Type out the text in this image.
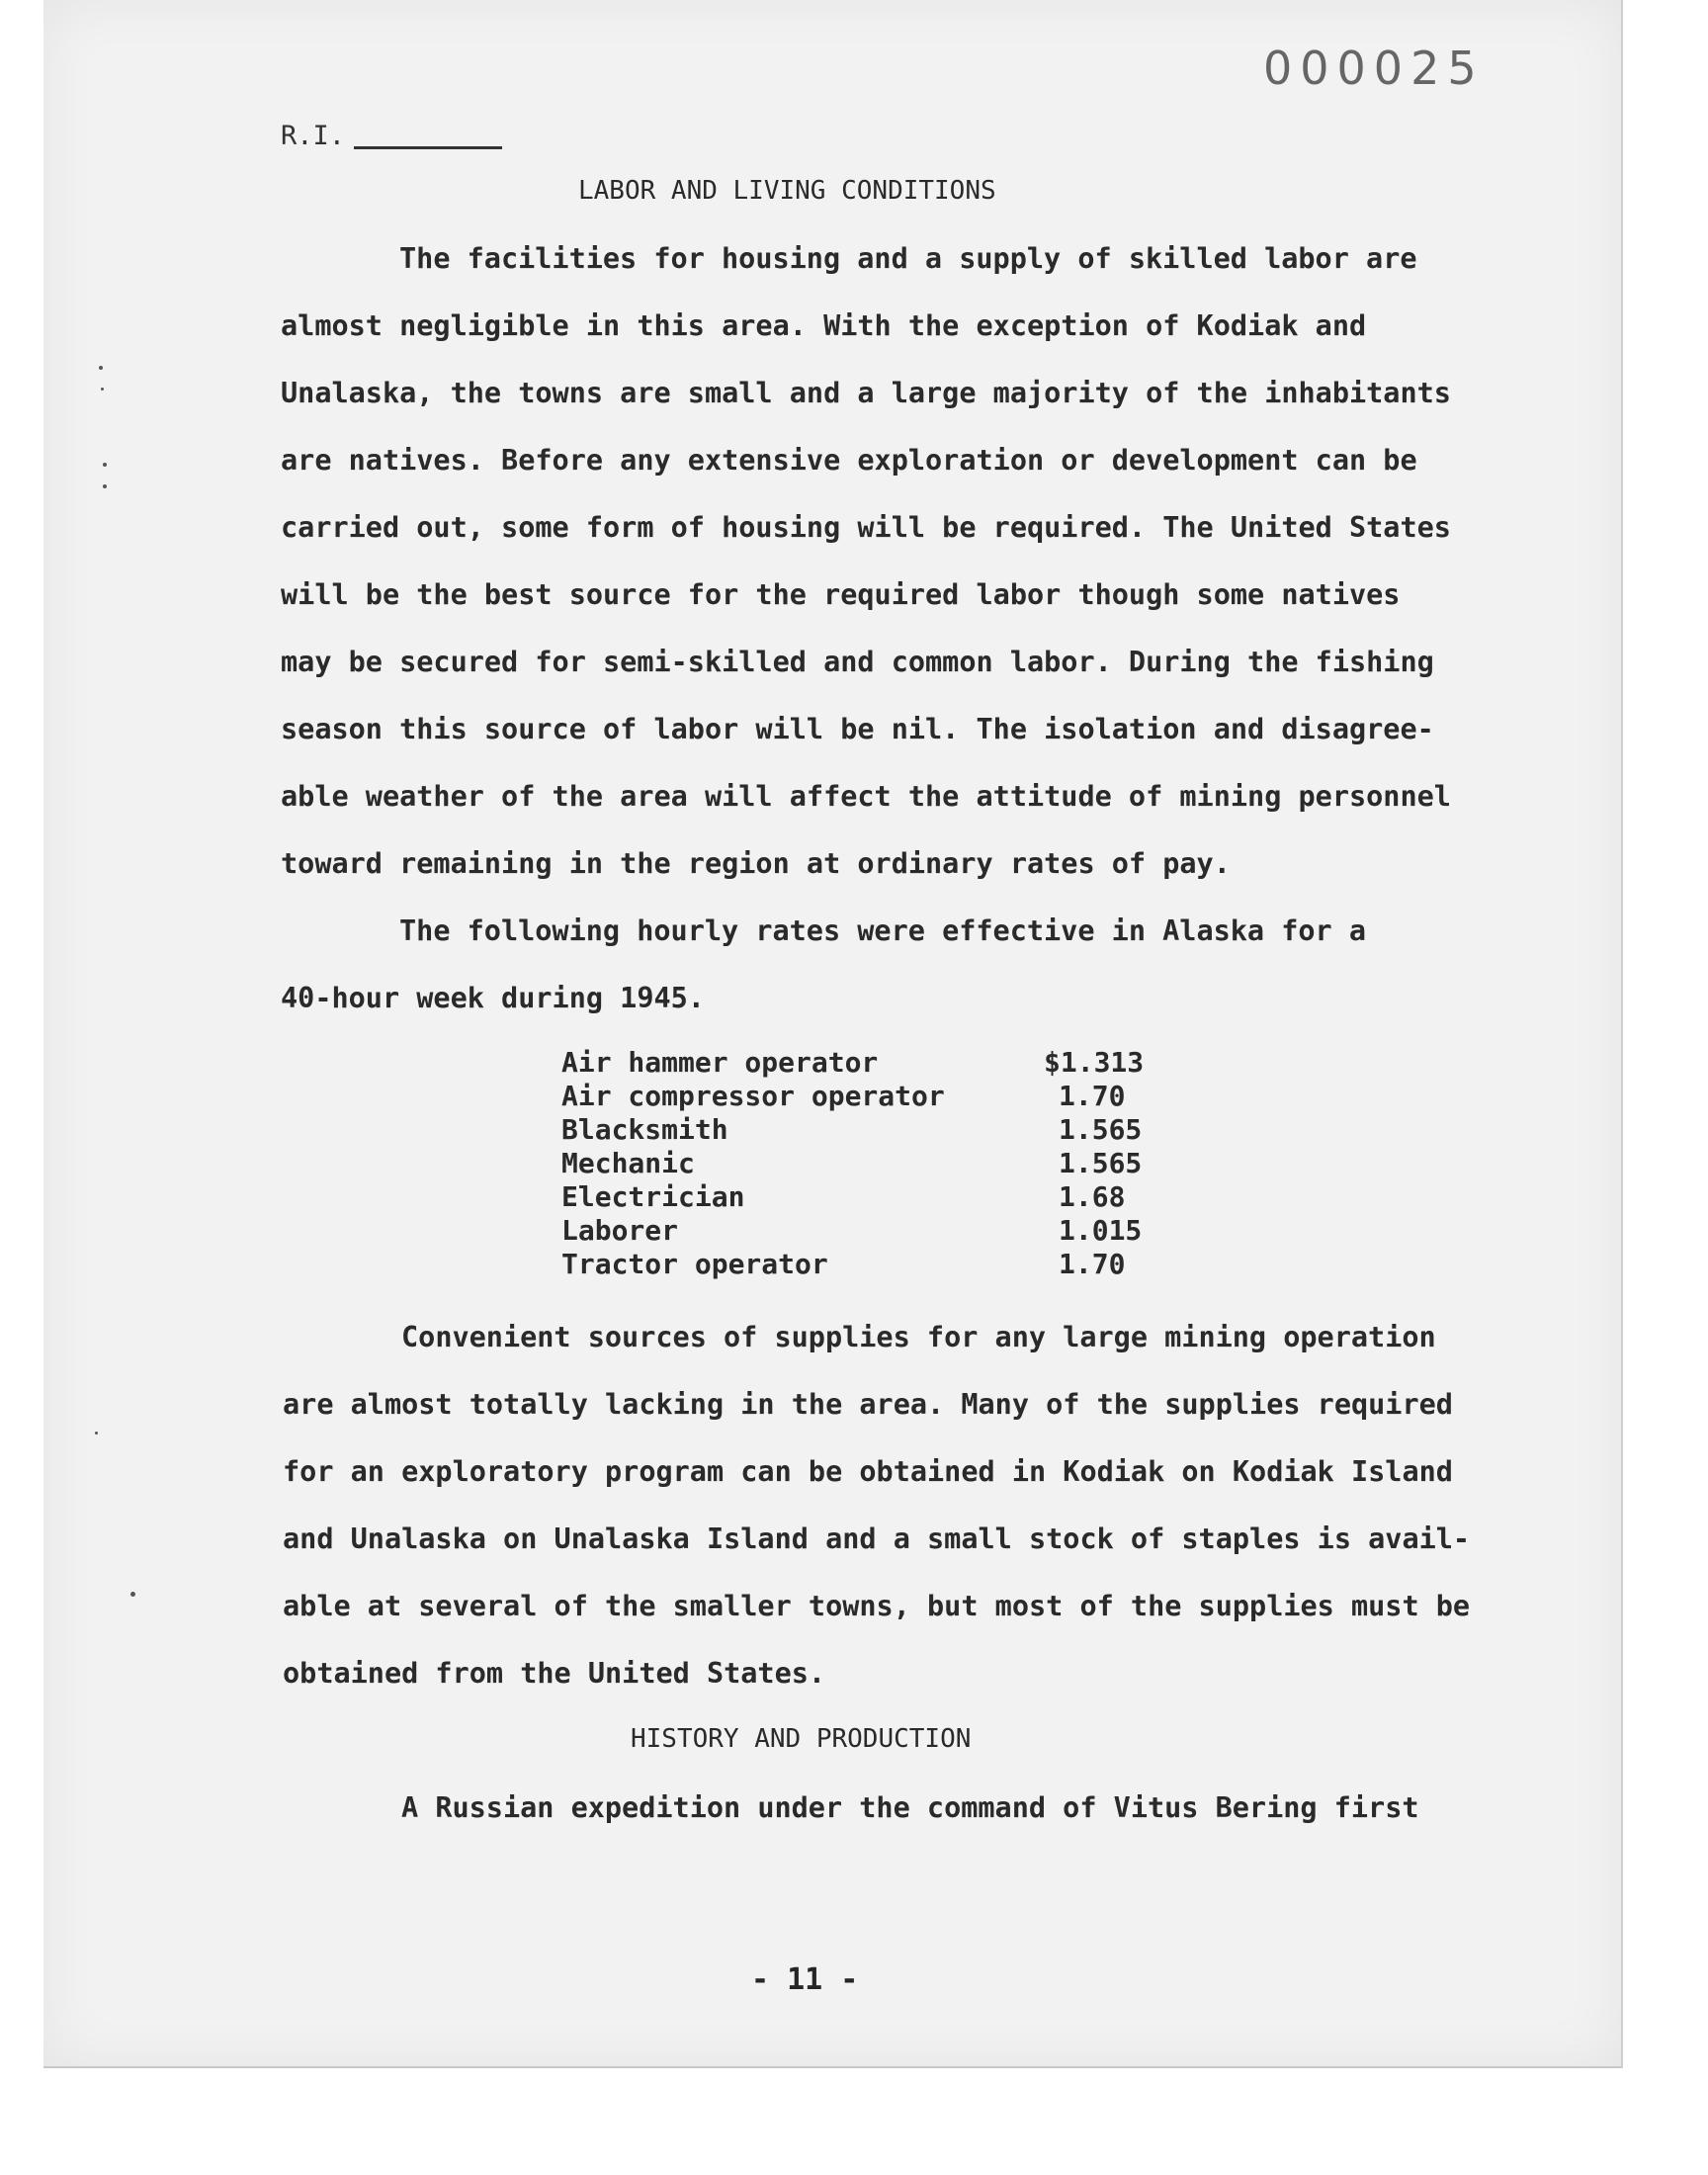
000025
R.I.
LABOR AND LIVING CONDITIONS
The facilities for housing and a supply of skilled labor are
almost negligible in this area. With the exception of Kodiak and
Unalaska, the towns are small and a large majority of the inhabitants
are natives. Before any extensive exploration or development can be
carried out, some form of housing will be required. The United States
will be the best source for the required labor though some natives
may be secured for semi-skilled and common labor. During the fishing
season this source of labor will be nil. The isolation and disagree-
able weather of the area will affect the attitude of mining personnel
toward remaining in the region at ordinary rates of pay.
The following hourly rates were effective in Alaska for a
40-hour week during 1945.
Air hammer operator	$1.313
Air compressor operator	1.70
Blacksmith	1.565
Mechanic	1.565
Electrician	1.68
Laborer	1.015
Tractor operator	1.70
Convenient sources of supplies for any large mining operation
are almost totally lacking in the area. Many of the supplies required
for an exploratory program can be obtained in Kodiak on Kodiak Island
and Unalaska on Unalaska Island and a small stock of staples is avail-
able at several of the smaller towns, but most of the supplies must be
obtained from the United States.
HISTORY AND PRODUCTION
A Russian expedition under the command of Vitus Bering first
- 11 -
